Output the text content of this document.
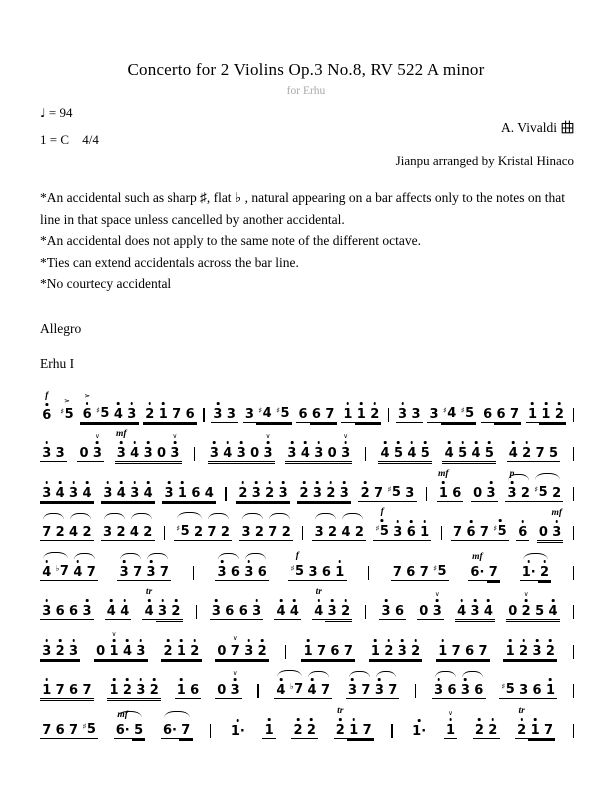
Concerto for 2 Violins Op.3 No.8, RV 522 A minor
for Erhu
♩ = 94
1 = C 4/4
A. Vivaldi
Jianpu arranged by Kristal Hinaco
*An accidental such as sharp ♯, flat ♭ , natural appearing on a bar affects only to the notes on that line in that space unless cancelled by another accidental.
*An accidental does not apply to the same note of the different octave.
*Ties can extend accidentals across the bar line.
*No courtecy accidental
Allegro
Erhu I
f
6
>
♯5
>
6 ♯5 4 3 2 1 7 6 3 3 3 ♯4 ♯5 6 6 7 1 1 2 3 3 3 ♯4 ♯5 6 6 7 1 1 2
3 3 0
∨
3
mf
3 4 3 0
∨
3 3 4 3 0
∨
3 3 4 3 0
∨
3 4 5 4 5 4 5 4 5 4 2 7 5
3 4 3 4 3 4 3 4 3 1 6 4 2 3 2 3 2 3 2 3 2 7 ♯5 3
mf
1 6 0 3
p
3 2 ♯5 2
7 2 4 2 3 2 4 2	♯5 2 7 2 3 2 7 2 3 2 4 2
f
♯5 3 6 1 7 6 7 ♯5 6 0
mf
3
4 ♭7 4 7 3 7 3 7	3 6 3 6
f
♯5 3 6 1	7 6 7 ♯5
mf
6· 7 1· 2
3 6 6 3 4 4
tr
4 3 2 3 6 6 3 4 4
tr
4 3 2 3 6 0
∨
3 4 3 4 0
∨
2 5 4
3 2 3 0
∨
1 4 3 2 1 2 0
∨
7 3 2	1 7 6 7 1 2 3 2 1 7 6 7 1 2 3 2
1 7 6 7 1 2 3 2 1 6 0
∨
3	4 ♭7 4 7 3 7 3 7	3 6 3 6 ♯5 3 6 1
7 6 7 ♯5
mf
6· 5 6· 7	1· 1 2 2
tr
2 1 7	1·
∨
1 2 2
tr
2 1 7
